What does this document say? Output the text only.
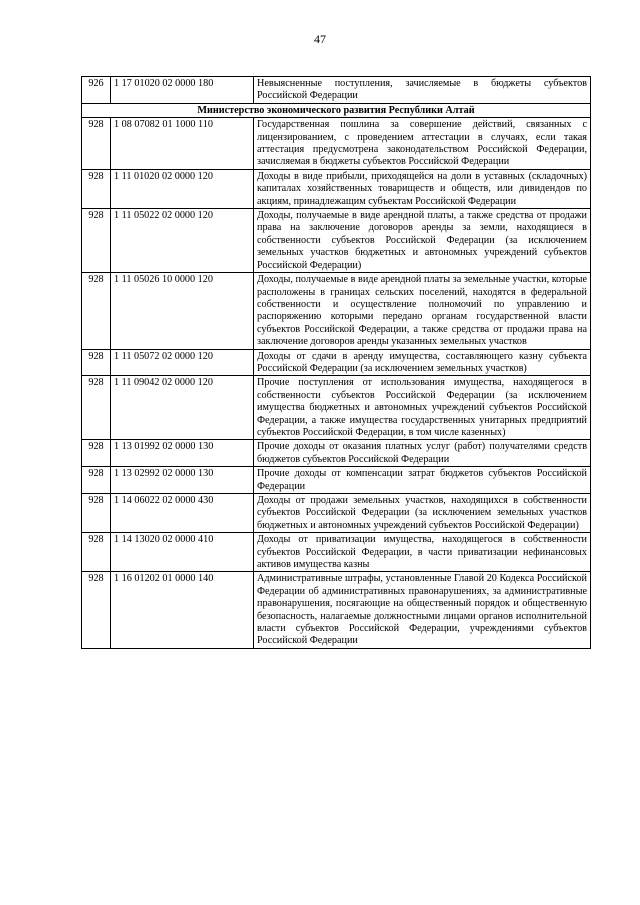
47
926	1 17 01020 02 0000 180	Невыясненные поступления, зачисляемые в бюджеты субъектов Российской Федерации
Министерство экономического развития Республики Алтай		
928	1 08 07082 01 1000 110	Государственная пошлина за совершение действий, связанных с лицензированием, с проведением аттестации в случаях, если такая аттестация предусмотрена законодательством Российской Федерации, зачисляемая в бюджеты субъектов Российской Федерации
928	1 11 01020 02 0000 120	Доходы в виде прибыли, приходящейся на доли в уставных (складочных) капиталах хозяйственных товариществ и обществ, или дивидендов по акциям, принадлежащим субъектам Российской Федерации
928	1 11 05022 02 0000 120	Доходы, получаемые в виде арендной платы, а также средства от продажи права на заключение договоров аренды за земли, находящиеся в собственности субъектов Российской Федерации (за исключением земельных участков бюджетных и автономных учреждений субъектов Российской Федерации)
928	1 11 05026 10 0000 120	Доходы, получаемые в виде арендной платы за земельные участки, которые расположены в границах сельских поселений, находятся в федеральной собственности и осуществление полномочий по управлению и распоряжению которыми передано органам государственной власти субъектов Российской Федерации, а также средства от продажи права на заключение договоров аренды указанных земельных участков
928	1 11 05072 02 0000 120	Доходы от сдачи в аренду имущества, составляющего казну субъекта Российской Федерации (за исключением земельных участков)
928	1 11 09042 02 0000 120	Прочие поступления от использования имущества, находящегося в собственности субъектов Российской Федерации (за исключением имущества бюджетных и автономных учреждений субъектов Российской Федерации, а также имущества государственных унитарных предприятий субъектов Российской Федерации, в том числе казенных)
928	1 13 01992 02 0000 130	Прочие доходы от оказания платных услуг (работ) получателями средств бюджетов субъектов Российской Федерации
928	1 13 02992 02 0000 130	Прочие доходы от компенсации затрат бюджетов субъектов Российской Федерации
928	1 14 06022 02 0000 430	Доходы от продажи земельных участков, находящихся в собственности субъектов Российской Федерации (за исключением земельных участков бюджетных и автономных учреждений субъектов Российской Федерации)
928	1 14 13020 02 0000 410	Доходы от приватизации имущества, находящегося в собственности субъектов Российской Федерации, в части приватизации нефинансовых активов имущества казны
928	1 16 01202 01 0000 140	Административные штрафы, установленные Главой 20 Кодекса Российской Федерации об административных правонарушениях, за административные правонарушения, посягающие на общественный порядок и общественную безопасность, налагаемые должностными лицами органов исполнительной власти субъектов Российской Федерации, учреждениями субъектов Российской Федерации
